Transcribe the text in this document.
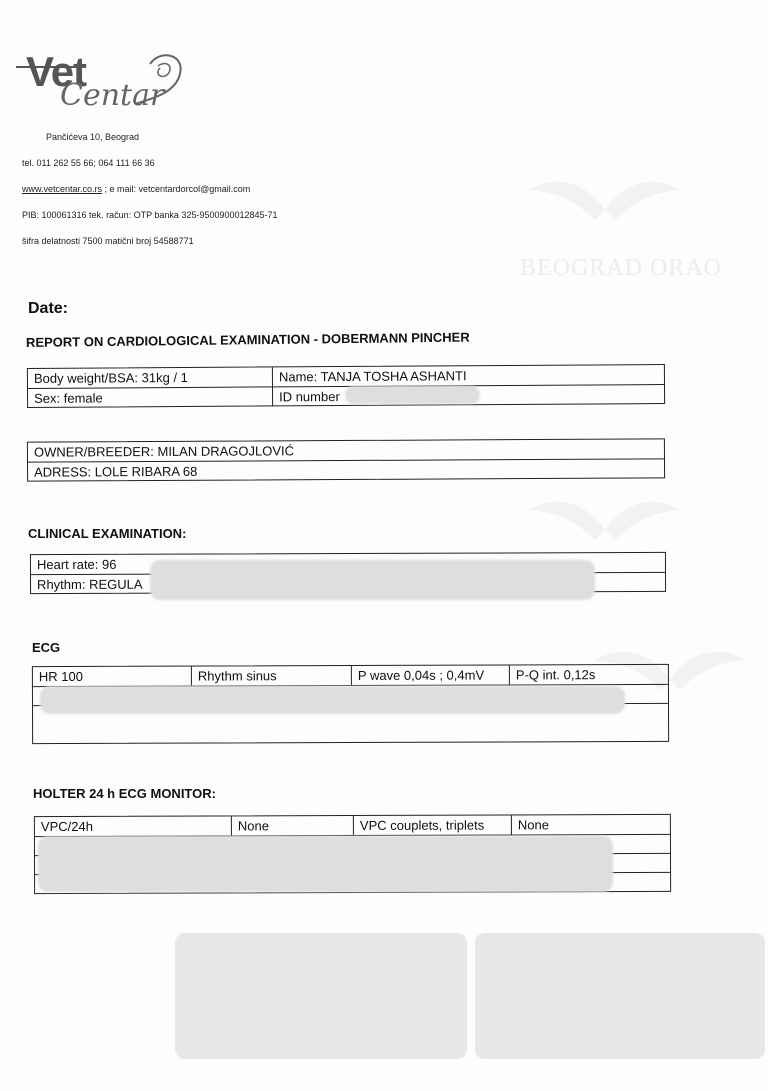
BEOGRAD ORAO
Vet
Centar
Pančićeva 10, Beograd
tel. 011 262 55 66; 064 111 66 36
www.vetcentar.co.rs ; e mail: vetcentardorcol@gmail.com
PIB: 100061316 tek. račun: OTP banka 325-9500900012845-71
šifra delatnosti 7500 matični broj 54588771
Date:
REPORT ON CARDIOLOGICAL EXAMINATION - DOBERMANN PINCHER
Body weight/BSA: 31kg / 1	Name: TANJA TOSHA ASHANTI
Sex: female	ID number
OWNER/BREEDER: MILAN DRAGOJLOVIĆ
ADRESS: LOLE RIBARA 68
CLINICAL EXAMINATION:
Heart rate: 96
Rhythm: REGULA
ECG
HR 100	Rhythm sinus	P wave 0,04s ; 0,4mV	P-Q int. 0,12s
HOLTER 24 h ECG MONITOR:
VPC/24h	None	VPC couplets, triplets	None
